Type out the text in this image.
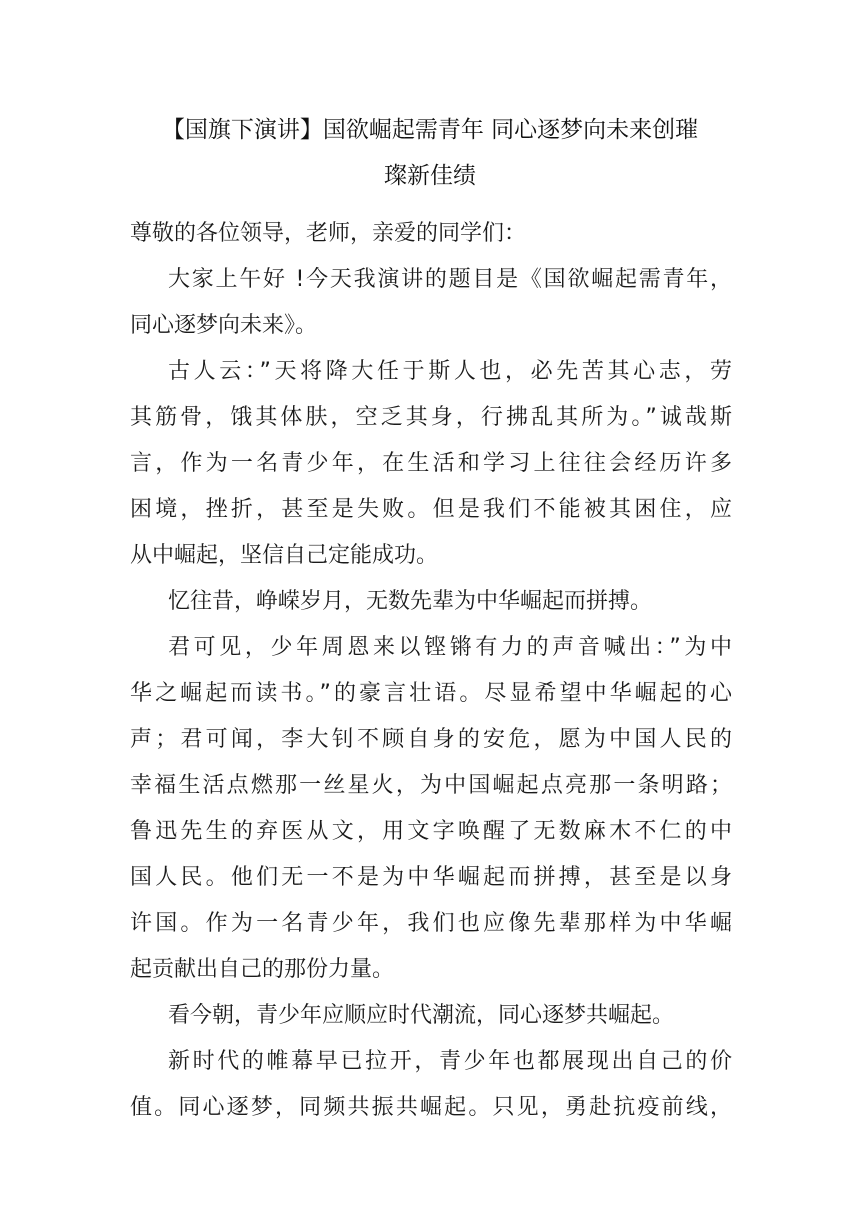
【国旗下演讲】国欲崛起需青年 同心逐梦向未来创璀
璨新佳绩
尊敬的各位领导，老师，亲爱的同学们：
大家上午好 !今天我演讲的题目是《国欲崛起需青年，
同心逐梦向未来》。
古人云：”天将降大任于斯人也，必先苦其心志，劳
其筋骨，饿其体肤，空乏其身，行拂乱其所为。”诚哉斯
言，作为一名青少年，在生活和学习上往往会经历许多
困境，挫折，甚至是失败。但是我们不能被其困住，应
从中崛起，坚信自己定能成功。
忆往昔，峥嵘岁月，无数先辈为中华崛起而拼搏。
君可见，少年周恩来以铿锵有力的声音喊出：”为中
华之崛起而读书。”的豪言壮语。尽显希望中华崛起的心
声；君可闻，李大钊不顾自身的安危，愿为中国人民的
幸福生活点燃那一丝星火，为中国崛起点亮那一条明路；
鲁迅先生的弃医从文，用文字唤醒了无数麻木不仁的中
国人民。他们无一不是为中华崛起而拼搏，甚至是以身
许国。作为一名青少年，我们也应像先辈那样为中华崛
起贡献出自己的那份力量。
看今朝，青少年应顺应时代潮流，同心逐梦共崛起。
新时代的帷幕早已拉开，青少年也都展现出自己的价
值。同心逐梦，同频共振共崛起。只见，勇赴抗疫前线，
